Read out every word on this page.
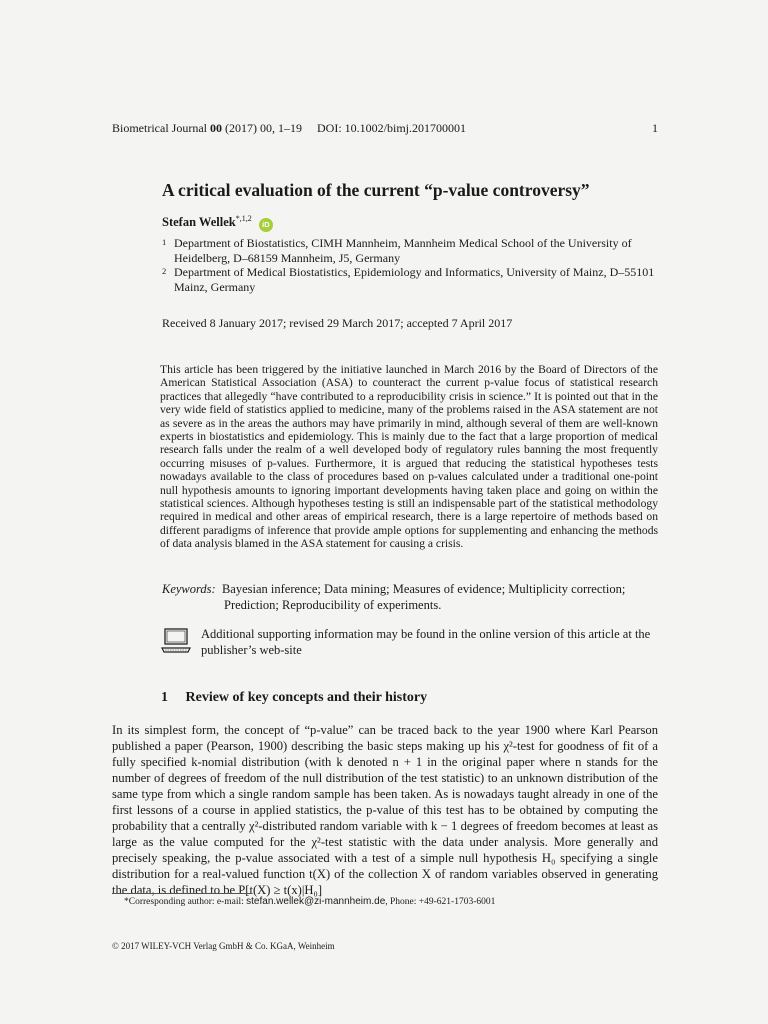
Biometrical Journal 00 (2017) 00, 1–19 DOI: 10.1002/bimj.201700001	1
A critical evaluation of the current “p-value controversy”
Stefan Wellek$^{*,1,2}$ iD
1 Department of Biostatistics, CIMH Mannheim, Mannheim Medical School of the University of
Heidelberg, D–68159 Mannheim, J5, Germany
2 Department of Medical Biostatistics, Epidemiology and Informatics, University of Mainz, D–55101
Mainz, Germany
Received 8 January 2017; revised 29 March 2017; accepted 7 April 2017
This article has been triggered by the initiative launched in March 2016 by the Board of Directors of the American Statistical Association (ASA) to counteract the current p-value focus of statistical research practices that allegedly “have contributed to a reproducibility crisis in science.” It is pointed out that in the very wide field of statistics applied to medicine, many of the problems raised in the ASA statement are not as severe as in the areas the authors may have primarily in mind, although several of them are well-known experts in biostatistics and epidemiology. This is mainly due to the fact that a large proportion of medical research falls under the realm of a well developed body of regulatory rules banning the most frequently occurring misuses of p-values. Furthermore, it is argued that reducing the statistical hypotheses tests nowadays available to the class of procedures based on p-values calculated under a traditional one-point null hypothesis amounts to ignoring important developments having taken place and going on within the statistical sciences. Although hypotheses testing is still an indispensable part of the statistical methodology required in medical and other areas of empirical research, there is a large repertoire of methods based on different paradigms of inference that provide ample options for supplementing and enhancing the methods of data analysis blamed in the ASA statement for causing a crisis.
Keywords: Bayesian inference; Data mining; Measures of evidence; Multiplicity correction;
Prediction; Reproducibility of experiments.
Additional supporting information may be found in the online version of this article at the publisher’s web-site
1 Review of key concepts and their history
In its simplest form, the concept of “p-value” can be traced back to the year 1900 where Karl Pearson published a paper (Pearson, 1900) describing the basic steps making up his χ²-test for goodness of fit of a fully specified k-nomial distribution (with k denoted n + 1 in the original paper where n stands for the number of degrees of freedom of the null distribution of the test statistic) to an unknown distribution of the same type from which a single random sample has been taken. As is nowadays taught already in one of the first lessons of a course in applied statistics, the p-value of this test has to be obtained by computing the probability that a centrally χ²-distributed random variable with k − 1 degrees of freedom becomes at least as large as the value computed for the χ²-test statistic with the data under analysis. More generally and precisely speaking, the p-value associated with a test of a simple null hypothesis H₀ specifying a single distribution for a real-valued function t(X) of the collection X of random variables observed in generating the data, is defined to be P[t(X) ≥ t(x)|H₀]
*Corresponding author: e-mail: stefan.wellek@zi-mannheim.de, Phone: +49-621-1703-6001
© 2017 WILEY-VCH Verlag GmbH & Co. KGaA, Weinheim
